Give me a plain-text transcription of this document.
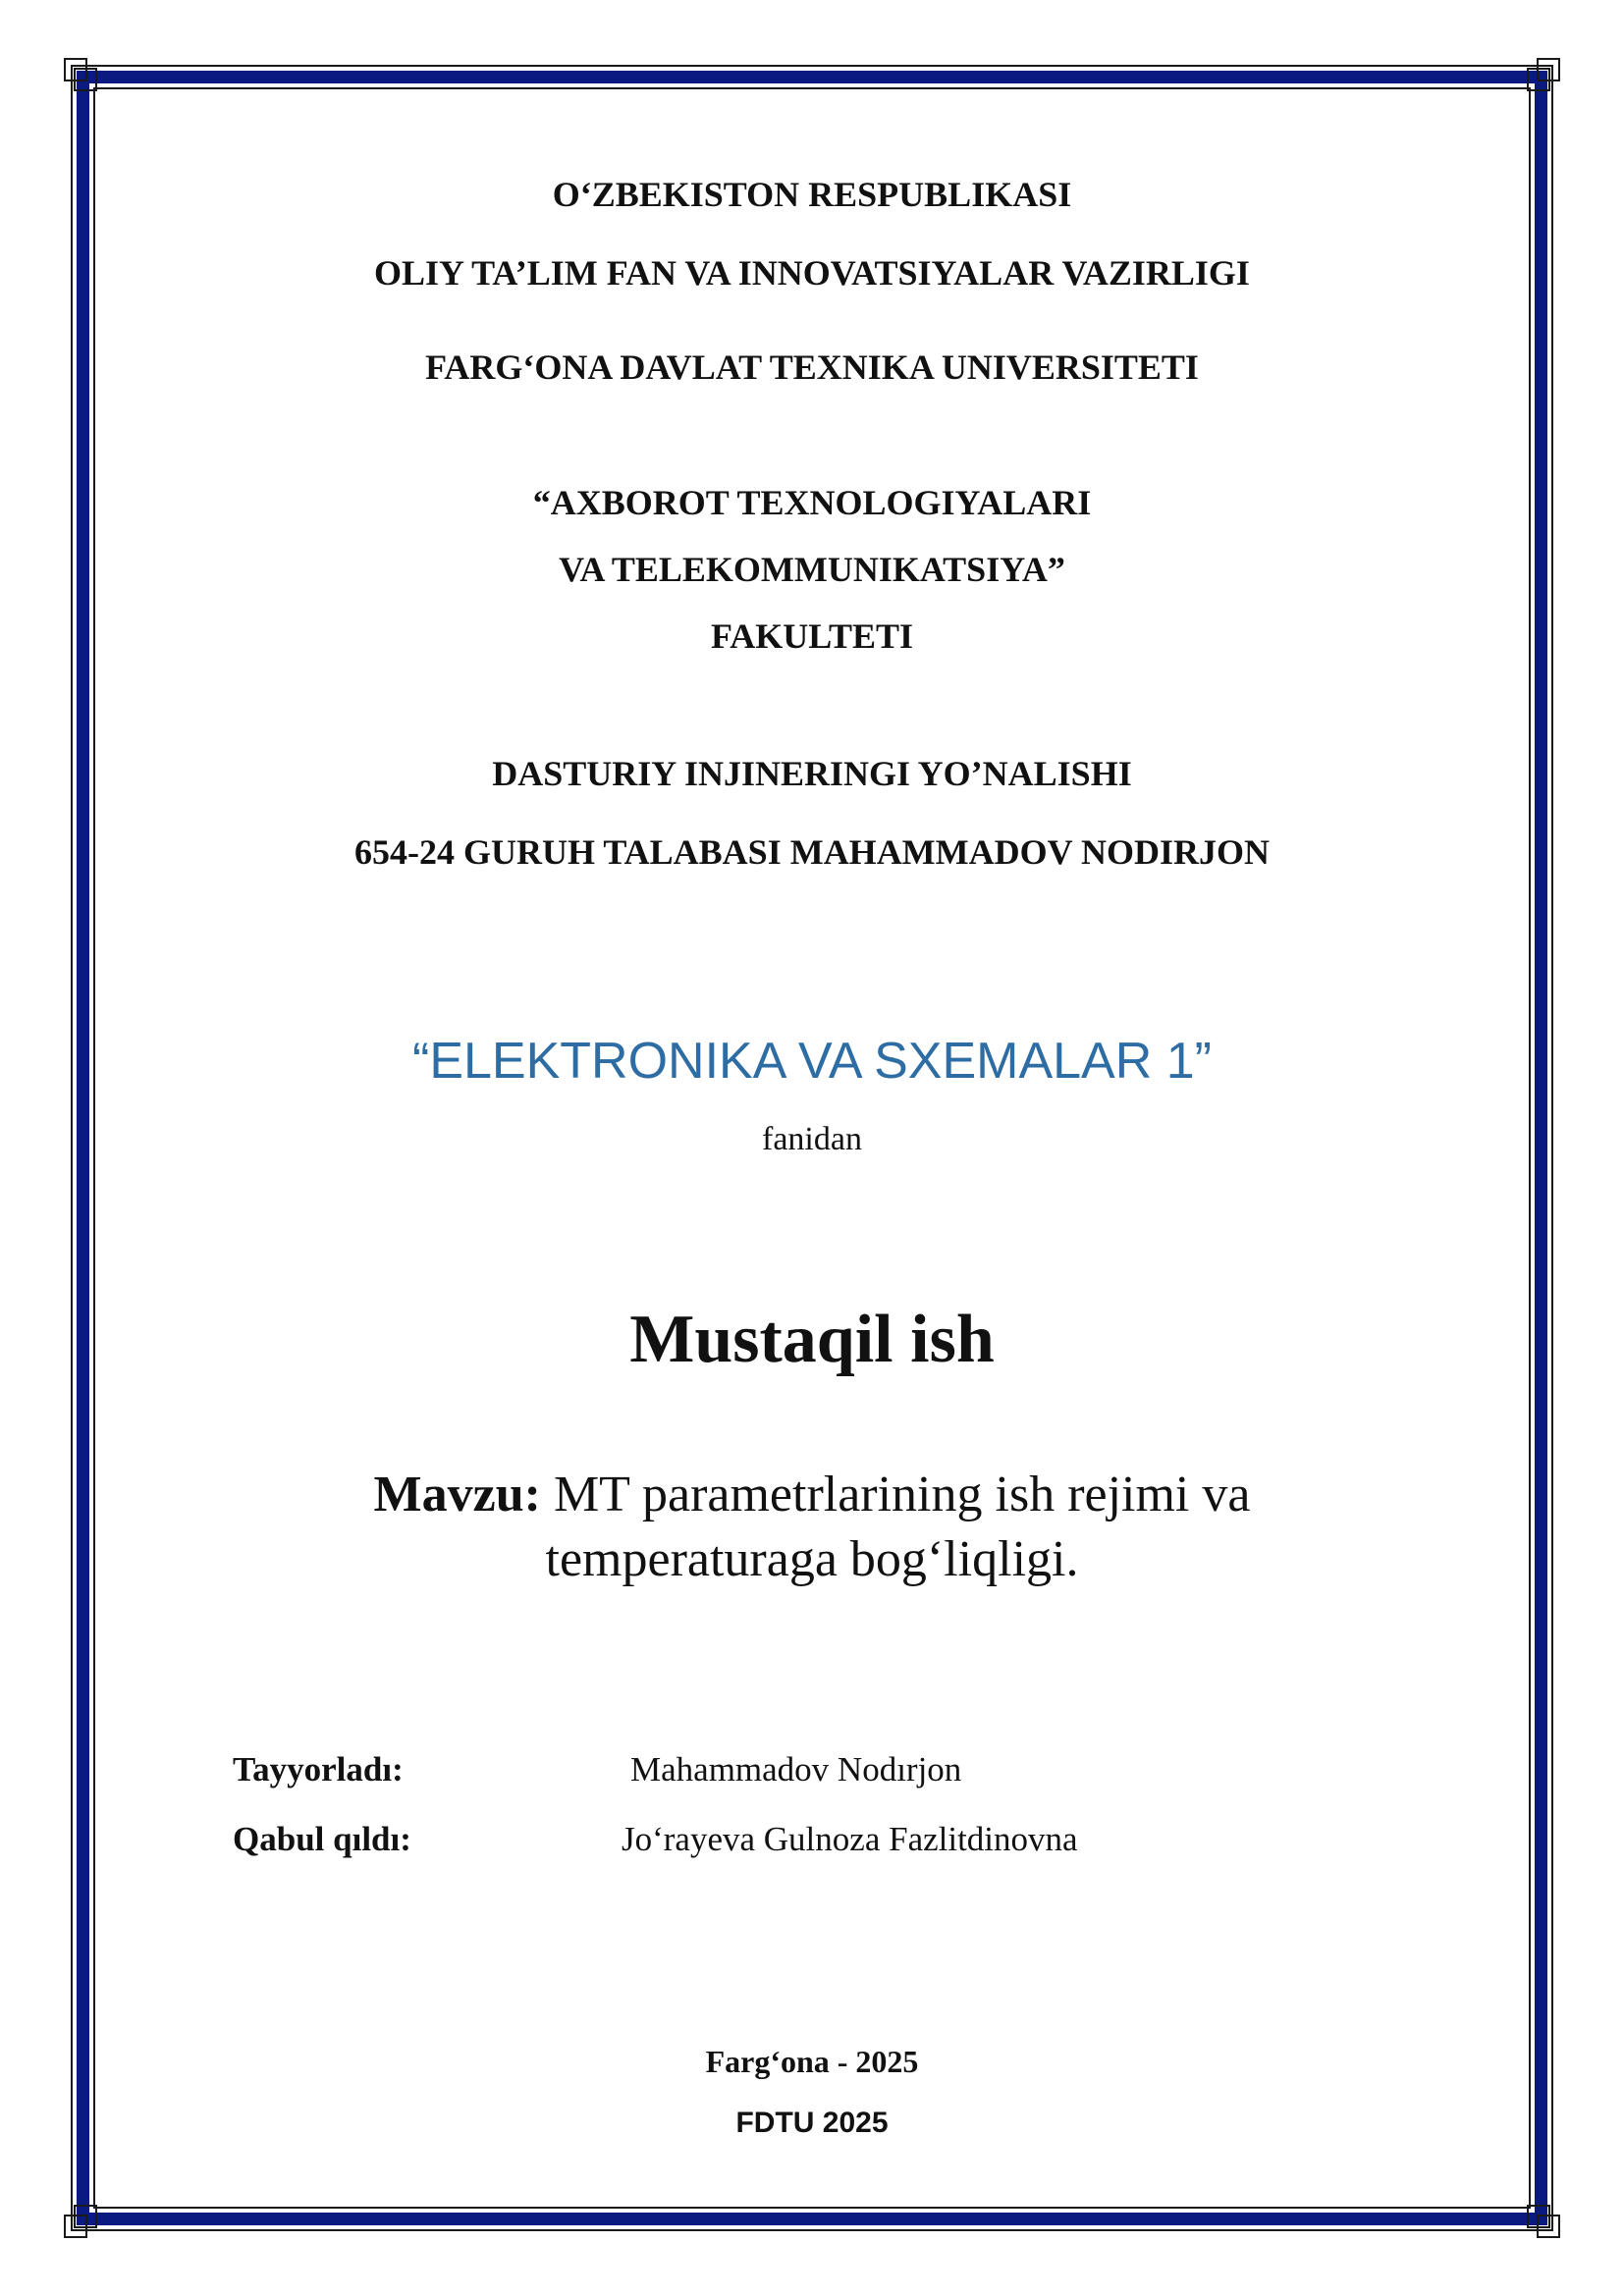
O‘ZBEKISTON RESPUBLIKASI
OLIY TA’LIM FAN VA INNOVATSIYALAR VAZIRLIGI
FARG‘ONA DAVLAT TEXNIKA UNIVERSITETI
“AXBOROT TEXNOLOGIYALARI
VA TELEKOMMUNIKATSIYA”
FAKULTETI
DASTURIY INJINERINGI YO’NALISHI
654-24 GURUH TALABASI MAHAMMADOV NODIRJON
“ELEKTRONIKA VA SXEMALAR 1”
fanidan
Mustaqil ish
Mavzu: MT parametrlarining ish rejimi va
temperaturaga bog‘liqligi.
Tayyorladı:	Mahammadov Nodırjon
Qabul qıldı:	Jo‘rayeva Gulnoza Fazlitdinovna
Farg‘ona - 2025
FDTU 2025
